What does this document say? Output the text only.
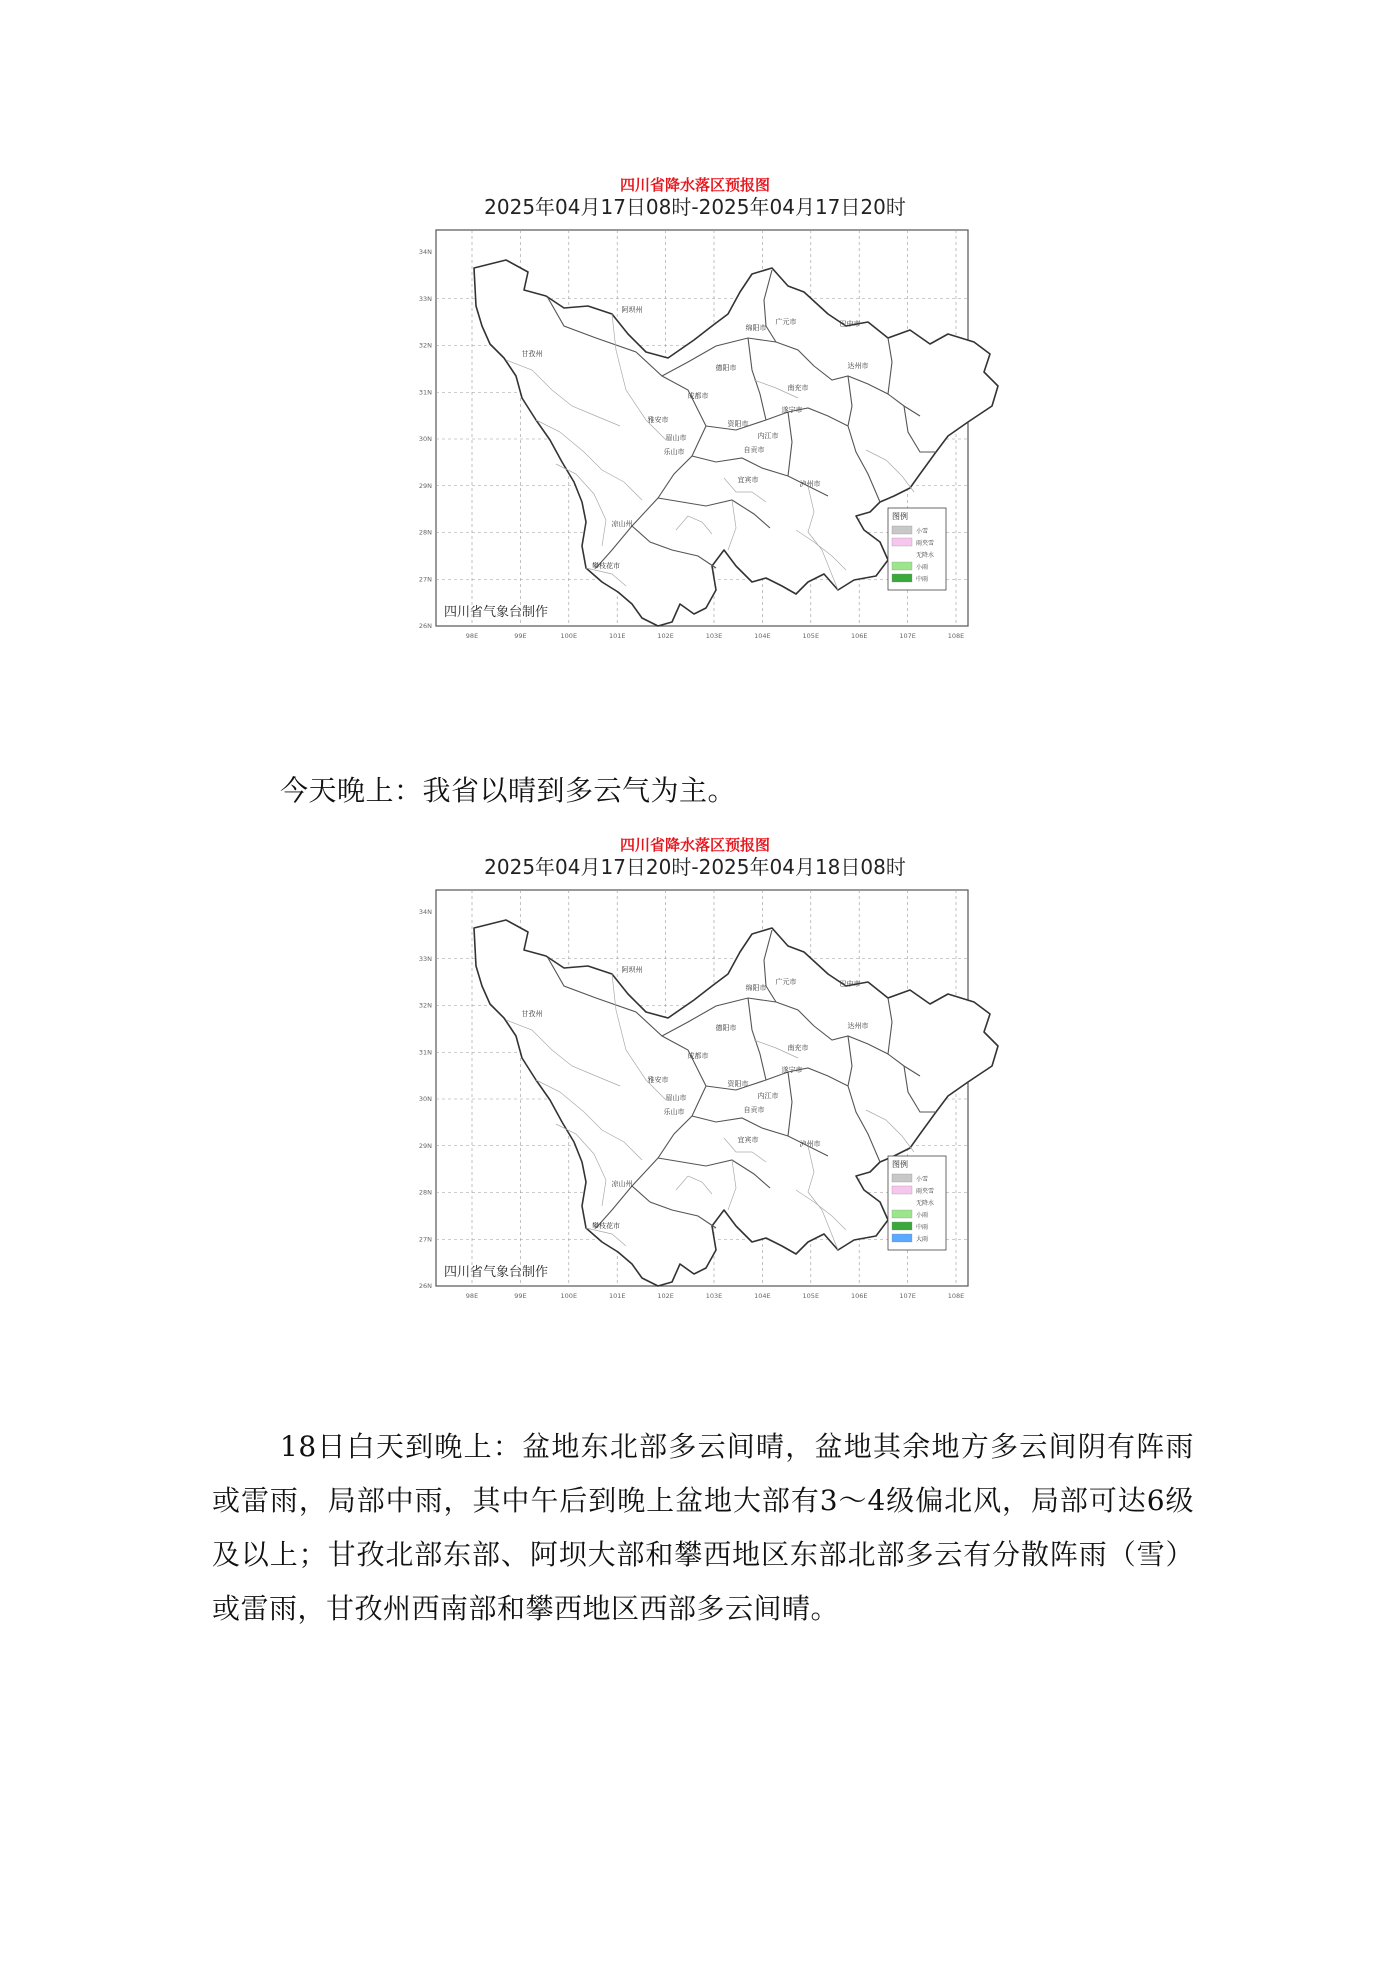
四川省降水落区预报图
2025年04月17日08时-2025年04月17日20时
34N
33N
32N
31N
30N
29N
28N
27N
26N
98E	99E	100E	101E	102E	103E	104E	105E	106E	107E	108E
甘孜州
阿坝州
绵阳市
广元市	巴中市
达州市
德阳市
南充市
成都市
遂宁市
雅安市
眉山市
资阳市
乐山市
内江市
自贡市
宜宾市	泸州市
凉山州
攀枝花市
四川省气象台制作
图例
小雪
雨夹雪
无降水
小雨
中雨

今天晚上：我省以晴到多云气为主。

四川省降水落区预报图
2025年04月17日20时-2025年04月18日08时
34N
33N
32N
31N
30N
29N
28N
27N
26N
98E	99E	100E	101E	102E	103E	104E	105E	106E	107E	108E
甘孜州
阿坝州
绵阳市
广元市	巴中市
达州市
德阳市
南充市
成都市
遂宁市
雅安市
眉山市
资阳市
乐山市
内江市
自贡市
宜宾市	泸州市
凉山州
攀枝花市
四川省气象台制作
图例
小雪
雨夹雪
无降水
小雨
中雨
大雨

18日白天到晚上：盆地东北部多云间晴，盆地其余地方多云间阴有阵雨或雷雨，局部中雨，其中午后到晚上盆地大部有3～4级偏北风，局部可达6级及以上；甘孜北部东部、阿坝大部和攀西地区东部北部多云有分散阵雨（雪）或雷雨，甘孜州西南部和攀西地区西部多云间晴。
